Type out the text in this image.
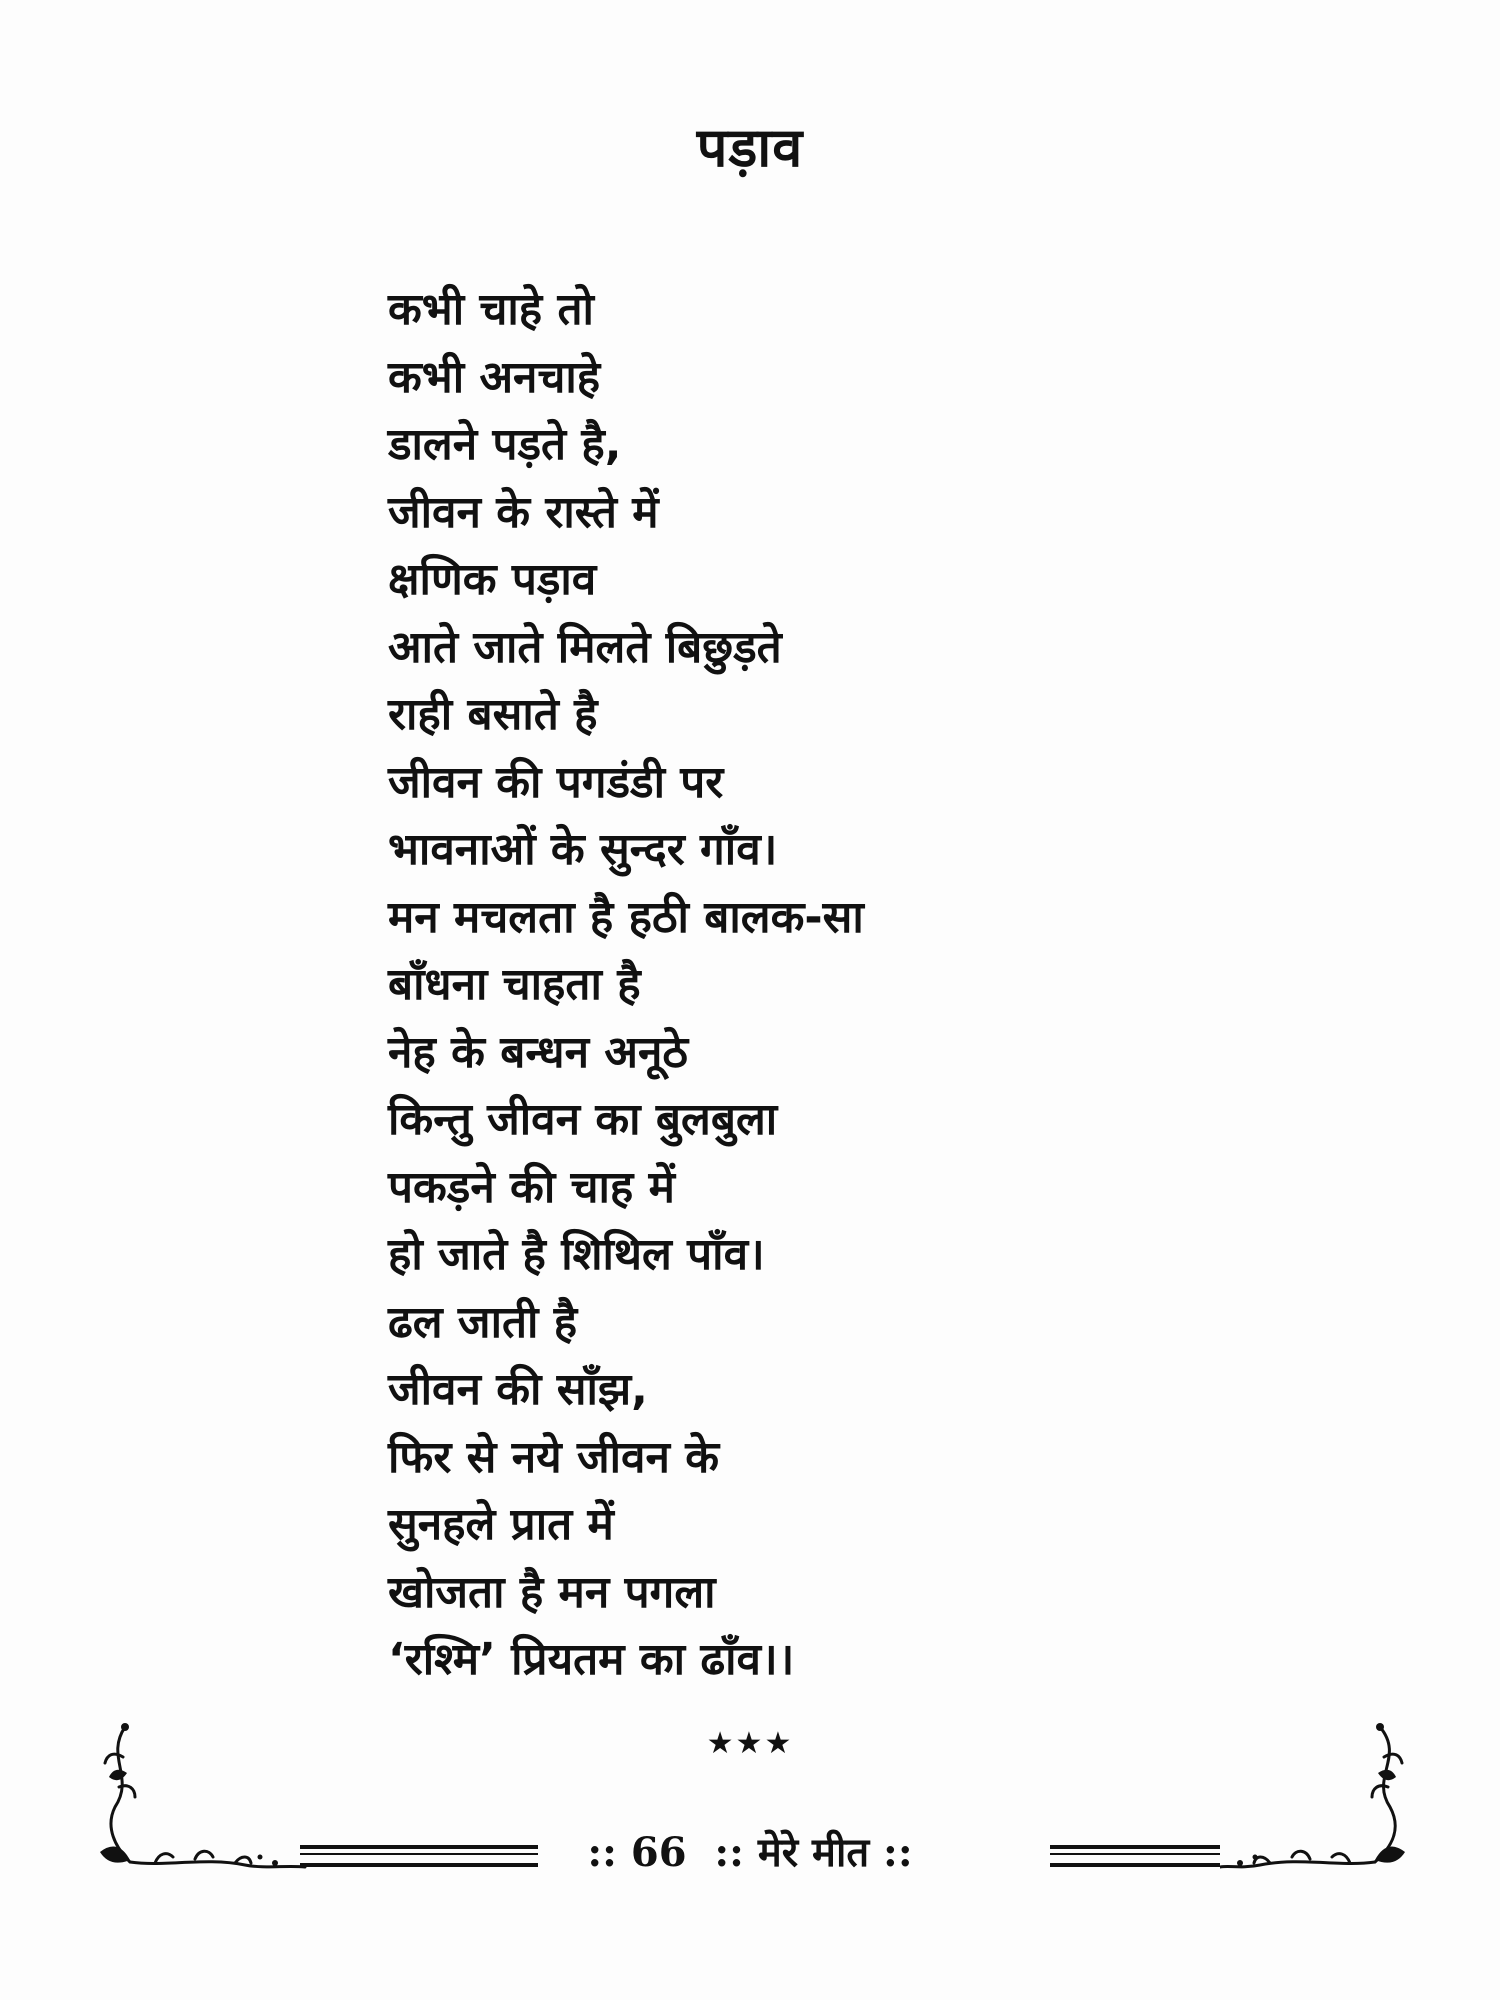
पड़ाव
कभी चाहे तो
कभी अनचाहे
डालने पड़ते है,
जीवन के रास्ते में
क्षणिक पड़ाव
आते जाते मिलते बिछुड़ते
राही बसाते है
जीवन की पगडंडी पर
भावनाओं के सुन्दर गाँव।
मन मचलता है हठी बालक-सा
बाँधना चाहता है
नेह के बन्धन अनूठे
किन्तु जीवन का बुलबुला
पकड़ने की चाह में
हो जाते है शिथिल पाँव।
ढल जाती है
जीवन की साँझ,
फिर से नये जीवन के
सुनहले प्रात में
खोजता है मन पगला
‘रश्मि’ प्रियतम का ढाँव।।
★★★
:: 66  :: मेरे मीत ::
